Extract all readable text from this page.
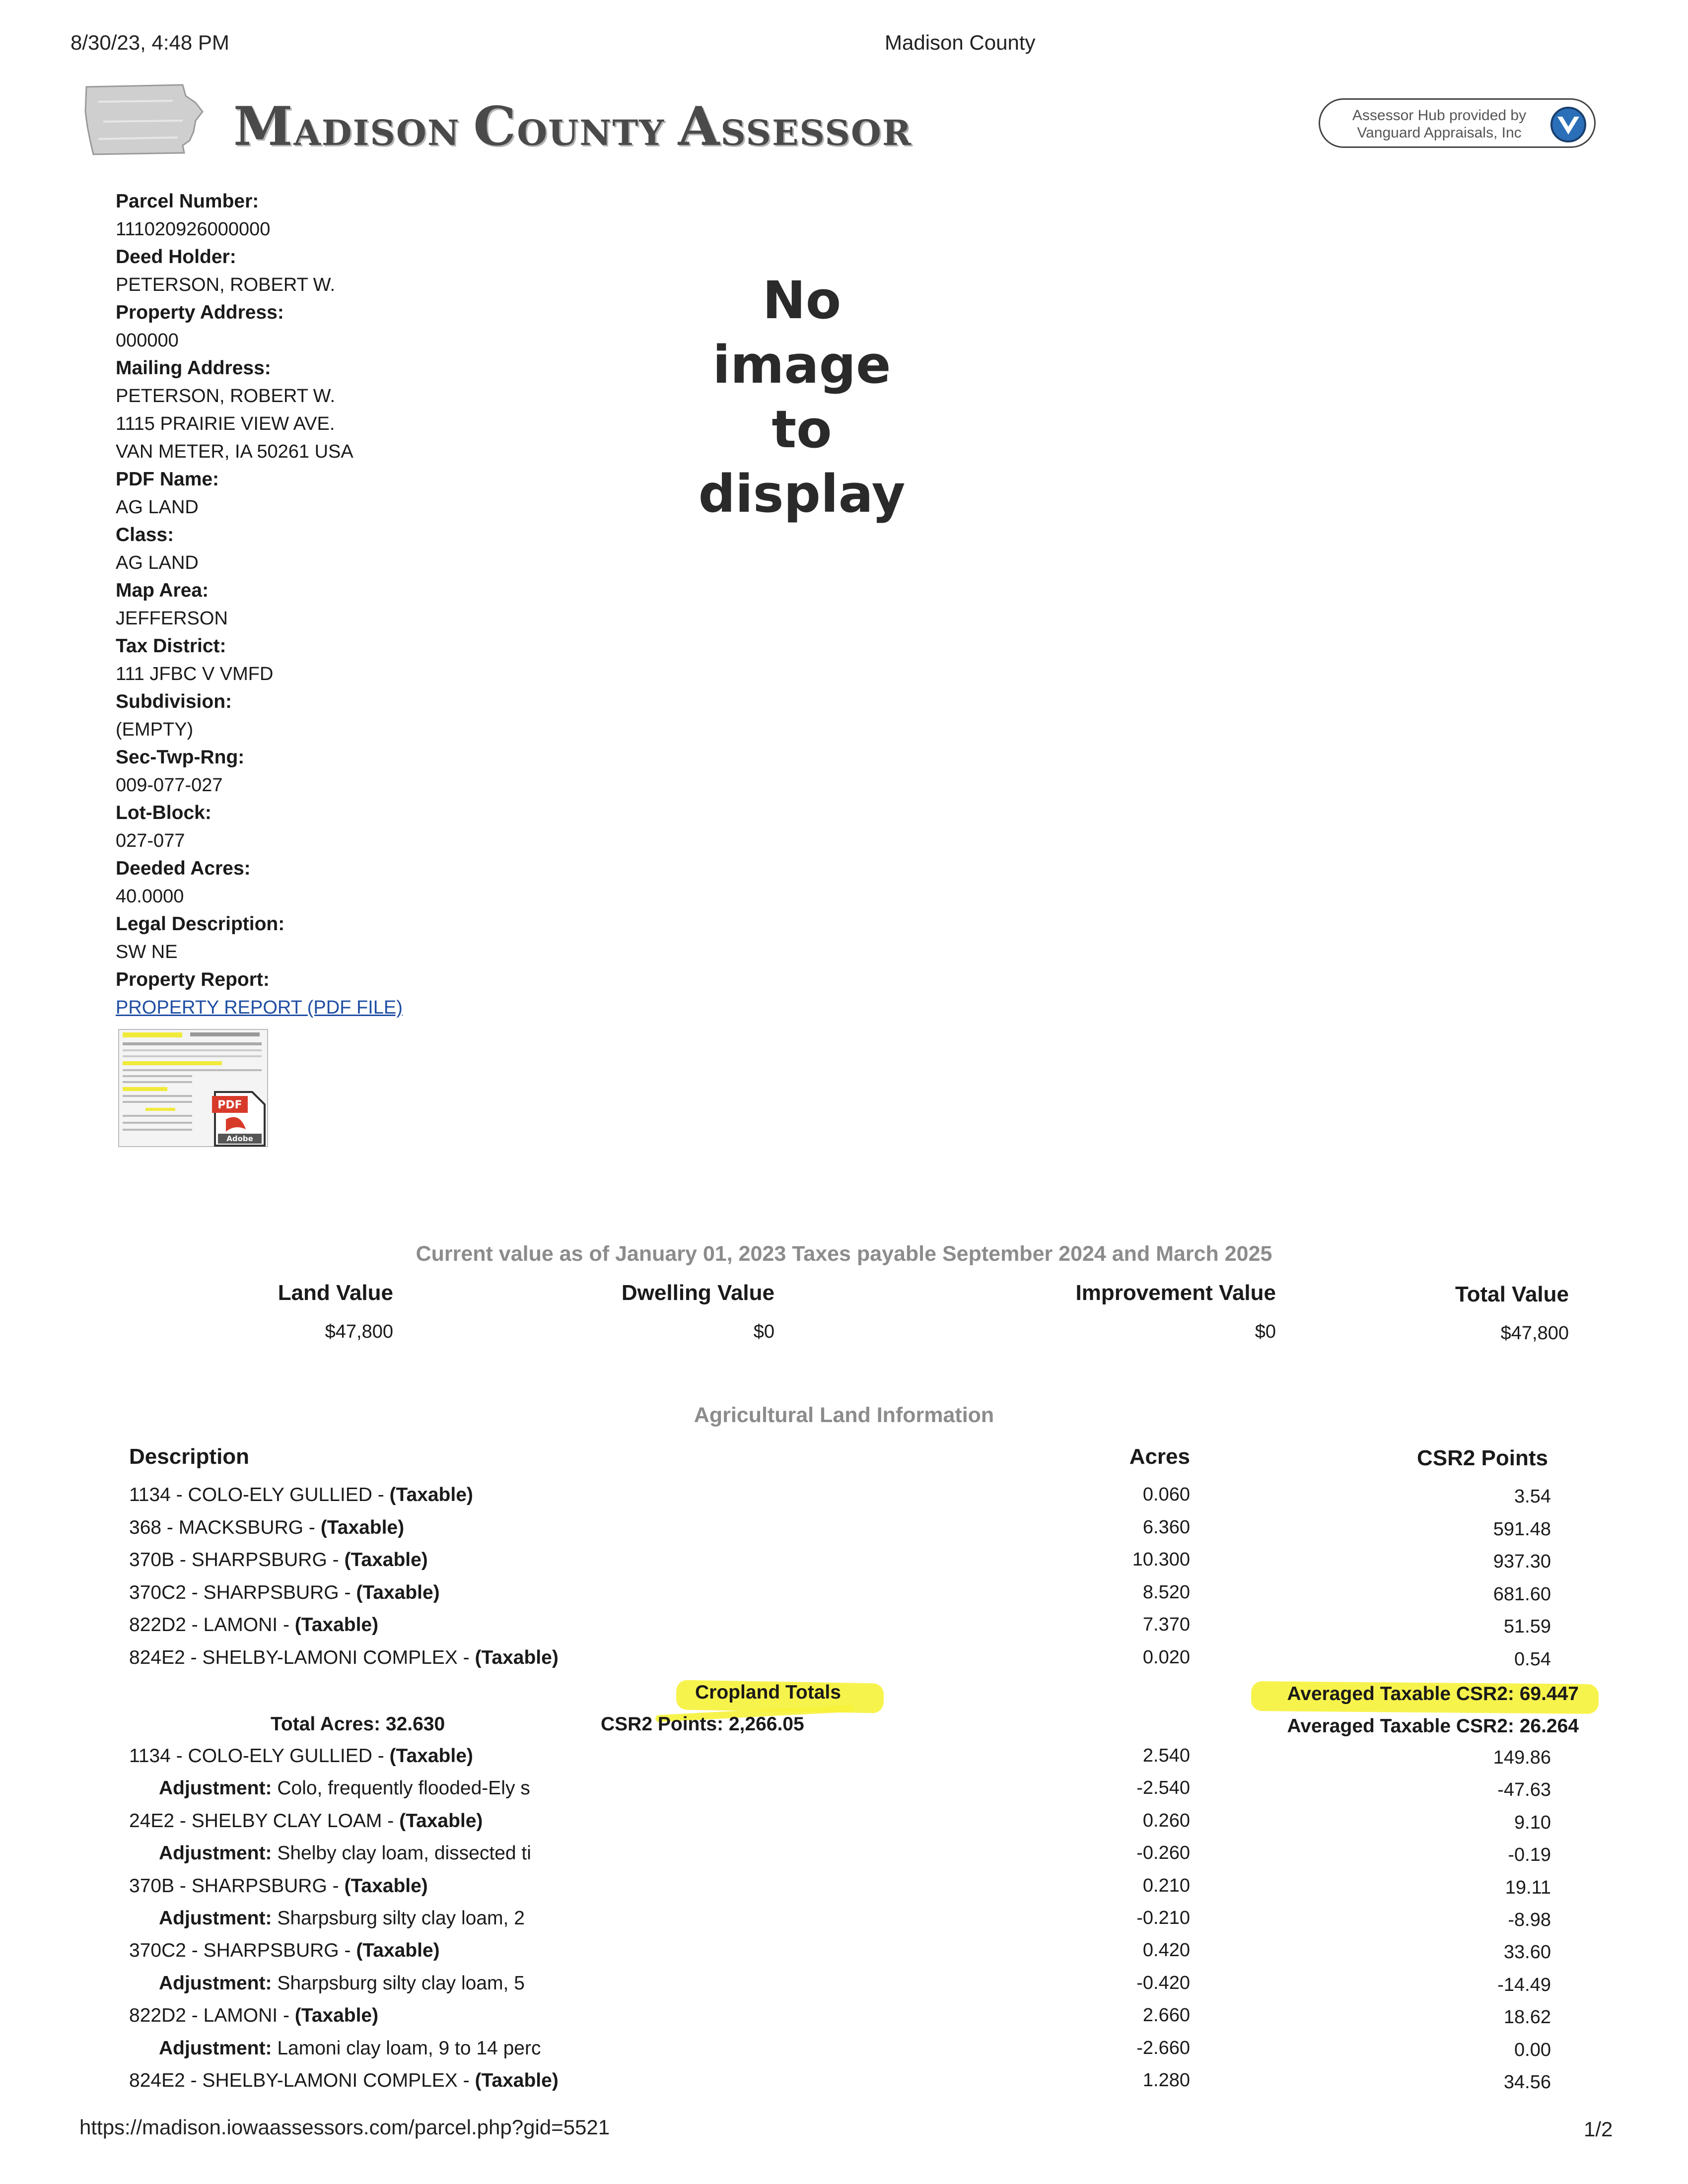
8/30/23, 4:48 PM	Madison County
MADISON COUNTY ASSESSOR	Assessor Hub provided by
Vanguard Appraisals, Inc
Parcel Number:
111020926000000
Deed Holder:
PETERSON, ROBERT W.
Property Address:
000000
Mailing Address:
PETERSON, ROBERT W.
1115 PRAIRIE VIEW AVE.
VAN METER, IA 50261 USA
PDF Name:
AG LAND
Class:
AG LAND
Map Area:
JEFFERSON
Tax District:
111 JFBC V VMFD
Subdivision:
(EMPTY)
Sec-Twp-Rng:
009-077-027
Lot-Block:
027-077
Deeded Acres:
40.0000
Legal Description:
SW NE
Property Report:
PROPERTY REPORT (PDF FILE)
PDF
Adobe
No
image
to
display
Current value as of January 01, 2023 Taxes payable September 2024 and March 2025
Land Value
$47,800
Dwelling Value
$0
Improvement Value
$0
Total Value
$47,800
Agricultural Land Information
Description	Acres	CSR2 Points
1134 - COLO-ELY GULLIED - (Taxable)	0.060	3.54
368 - MACKSBURG - (Taxable)	6.360	591.48
370B - SHARPSBURG - (Taxable)	10.300	937.30
370C2 - SHARPSBURG - (Taxable)	8.520	681.60
822D2 - LAMONI - (Taxable)	7.370	51.59
824E2 - SHELBY-LAMONI COMPLEX - (Taxable)	0.020	0.54
Cropland Totals	Averaged Taxable CSR2: 69.447
Total Acres: 32.630	CSR2 Points: 2,266.05	Averaged Taxable CSR2: 26.264
1134 - COLO-ELY GULLIED - (Taxable)	2.540	149.86
Adjustment: Colo, frequently flooded-Ely s	-2.540	-47.63
24E2 - SHELBY CLAY LOAM - (Taxable)	0.260	9.10
Adjustment: Shelby clay loam, dissected ti	-0.260	-0.19
370B - SHARPSBURG - (Taxable)	0.210	19.11
Adjustment: Sharpsburg silty clay loam, 2	-0.210	-8.98
370C2 - SHARPSBURG - (Taxable)	0.420	33.60
Adjustment: Sharpsburg silty clay loam, 5	-0.420	-14.49
822D2 - LAMONI - (Taxable)	2.660	18.62
Adjustment: Lamoni clay loam, 9 to 14 perc	-2.660	0.00
824E2 - SHELBY-LAMONI COMPLEX - (Taxable)	1.280	34.56
https://madison.iowaassessors.com/parcel.php?gid=5521	1/2
